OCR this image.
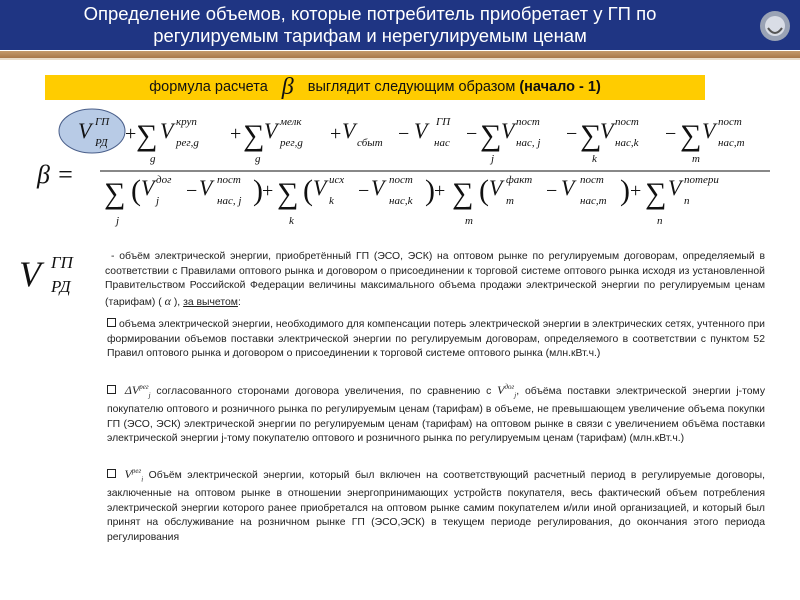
Определение объемов, которые потребитель приобретает у ГП по регулируемым тарифам и нерегулируемым ценам
формула расчета β выглядит следующим образом (начало - 1)
β =
V ГП
РД + ∑ V круп
рег,g
g
+ ∑ V мелк
рег,g
g
+ V сбыт − V ГП
нас − ∑ V пост
нас, j
j
− ∑
V пост
нас,k
k
− ∑ V пост
нас,m
m
∑
j
( V дог
j − V пост
нас, j ) + ∑
k
( V исх
k − V пост
нас,k ) + ∑
m
( V факт
m − V пост
нас,m ) + ∑
n
V потери
n
V ГП
РД
- объём электрической энергии, приобретённый ГП (ЭСО, ЭСК) на оптовом рынке по регулируемым договорам, определяемый в соответствии с Правилами оптового рынка и договором о присоединении к торговой системе оптового рынка исходя из установленной Правительством Российской Федерации величины максимального объема продажи электрической энергии по регулируемым ценам (тарифам) ( α ), за вычетом:
объема электрической энергии, необходимого для компенсации потерь электрической энергии в электрических сетях, учтенного при формировании объемов поставки электрической энергии по регулируемым договорам, определяемого в соответствии с пунктом 52 Правил оптового рынка и договором о присоединении к торговой системе оптового рынка (млн.кВт.ч.)
$\Delta V^{рег}_j$ согласованного сторонами договора увеличения, по сравнению с $V^{дог}_j$, объёма поставки электрической энергии j-тому покупателю оптового и розничного рынка по регулируемым ценам (тарифам) в объеме, не превышающем увеличение объема покупки ГП (ЭСО, ЭСК) электрической энергии по регулируемым ценам (тарифам) на оптовом рынке в связи с увеличением объёма поставки электрической энергии j-тому покупателю оптового и розничного рынка по регулируемым ценам (тарифам) (млн.кВт.ч.)
$V^{рег}_i$ Объём электрической энергии, который был включен на соответствующий расчетный период в регулируемые договоры, заключенные на оптовом рынке в отношении энергопринимающих устройств покупателя, весь фактический объем потребления электрической энергии которого ранее приобретался на оптовом рынке самим покупателем и/или иной организацией, и который был принят на обслуживание на розничном рынке ГП (ЭСО,ЭСК) в текущем периоде регулирования, до окончания этого периода регулирования
